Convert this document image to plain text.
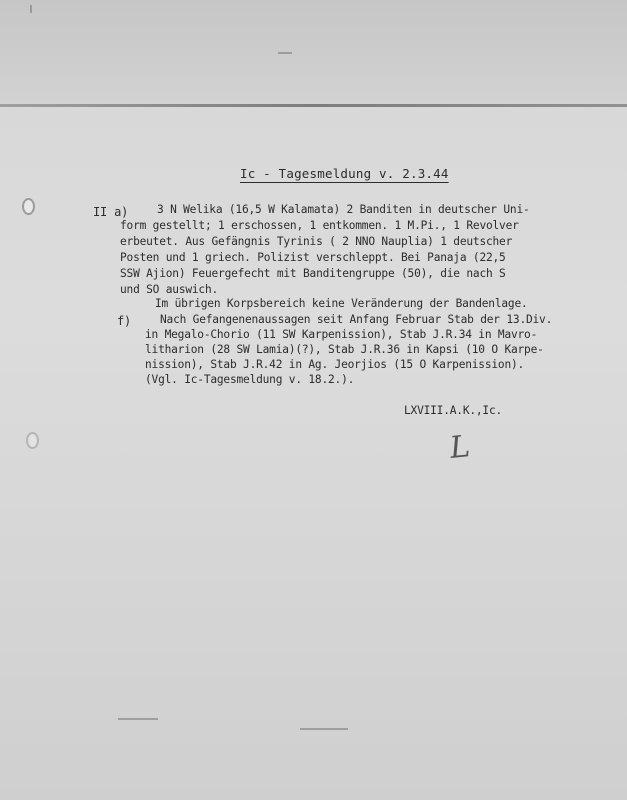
Ic - Tagesmeldung v. 2.3.44
II a)	3 N Welika (16,5 W Kalamata) 2 Banditen in deutscher Uni-
form gestellt; 1 erschossen, 1 entkommen. 1 M.Pi., 1 Revolver
erbeutet. Aus Gefängnis Tyrinis ( 2 NNO Nauplia) 1 deutscher
Posten und 1 griech. Polizist verschleppt. Bei Panaja (22,5
SSW Ajion) Feuergefecht mit Banditengruppe (50), die nach S
und SO auswich.
Im übrigen Korpsbereich keine Veränderung der Bandenlage.
f)	Nach Gefangenenaussagen seit Anfang Februar Stab der 13.Div.
in Megalo-Chorio (11 SW Karpenission), Stab J.R.34 in Mavro-
litharion (28 SW Lamia)(?), Stab J.R.36 in Kapsi (10 O Karpe-
nission), Stab J.R.42 in Ag. Jeorjios (15 O Karpenission).
(Vgl. Ic-Tagesmeldung v. 18.2.).
LXVIII.A.K.,Ic.
L
